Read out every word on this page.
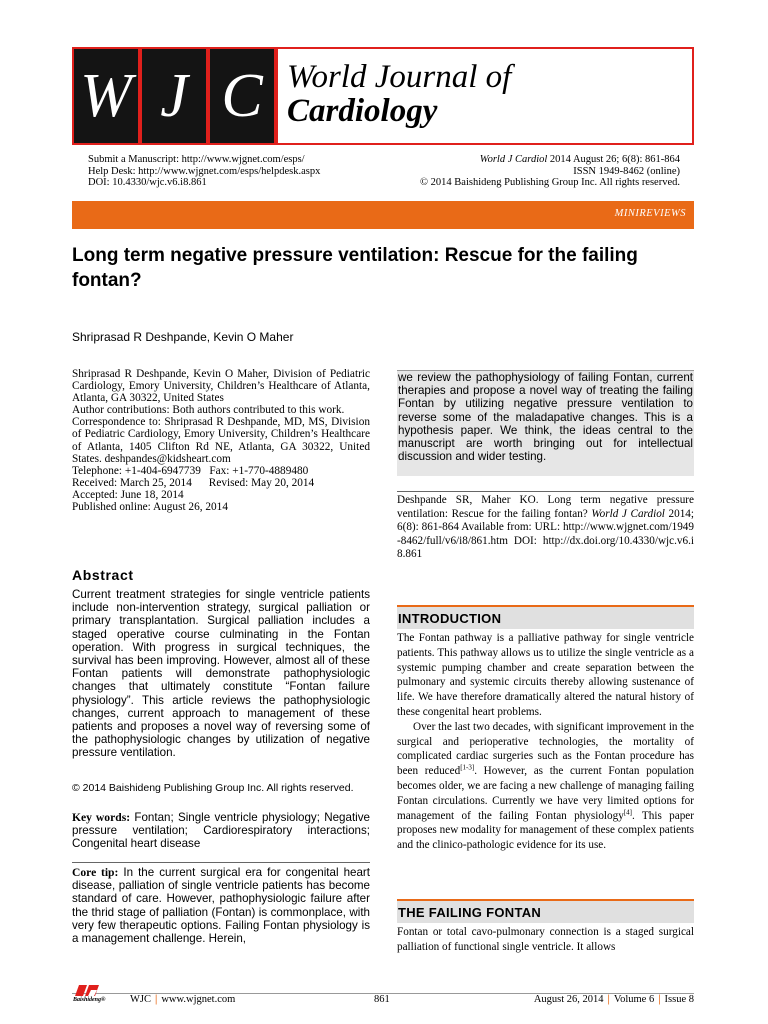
W J C World Journal of
Cardiology
Submit a Manuscript: http://www.wjgnet.com/esps/
Help Desk: http://www.wjgnet.com/esps/helpdesk.aspx
DOI: 10.4330/wjc.v6.i8.861
World J Cardiol 2014 August 26; 6(8): 861-864
ISSN 1949-8462 (online)
© 2014 Baishideng Publishing Group Inc. All rights reserved.
MINIREVIEWS
Long term negative pressure ventilation: Rescue for the failing fontan?
Shriprasad R Deshpande, Kevin O Maher

Shriprasad R Deshpande, Kevin O Maher, Division of Pediatric Cardiology, Emory University, Children’s Healthcare of Atlanta, Atlanta, GA 30322, United States

Author contributions: Both authors contributed to this work.

Correspondence to: Shriprasad R Deshpande, MD, MS, Division of Pediatric Cardiology, Emory University, Children’s Healthcare of Atlanta, 1405 Clifton Rd NE, Atlanta, GA 30322, United States. deshpandes@kidsheart.com

Telephone: +1-404-6947739   Fax: +1-770-4889480

Received: March 25, 2014      Revised: May 20, 2014

Accepted: June 18, 2014

Published online: August 26, 2014

Abstract
Current treatment strategies for single ventricle patients include non-intervention strategy, surgical palliation or primary transplantation. Surgical palliation includes a staged operative course culminating in the Fontan operation. With progress in surgical techniques, the survival has been improving. However, almost all of these Fontan patients will demonstrate pathophysiologic changes that ultimately constitute “Fontan failure physiology”. This article reviews the pathophysiologic changes, current approach to management of these patients and proposes a novel way of reversing some of the pathophysiologic changes by utilization of negative pressure ventilation.
© 2014 Baishideng Publishing Group Inc. All rights reserved.
Key words: Fontan; Single ventricle physiology; Negative pressure ventilation; Cardiorespiratory interactions; Congenital heart disease
Core tip: In the current surgical era for congenital heart disease, palliation of single ventricle patients has become standard of care. However, pathophysiologic failure after the thrid stage of palliation (Fontan) is commonplace, with very few therapeutic options. Failing Fontan physiology is a management challenge. Herein,
we review the pathophysiology of failing Fontan, current therapies and propose a novel way of treating the failing Fontan by utilizing negative pressure ventilation to reverse some of the maladapative changes. This is a hypothesis paper. We think, the ideas central to the manuscript are worth bringing out for intellectual discussion and wider testing.
Deshpande SR, Maher KO. Long term negative pressure ventilation: Rescue for the failing fontan? World J Cardiol 2014; 6(8): 861-864 Available from: URL: http://www.wjgnet.com/1949-8462/full/v6/i8/861.htm DOI: http://dx.doi.org/10.4330/wjc.v6.i8.861
INTRODUCTION

The Fontan pathway is a palliative pathway for single ventricle patients. This pathway allows us to utilize the single ventricle as a systemic pumping chamber and create separation between the pulmonary and systemic circuits thereby allowing sustenance of life. We have therefore dramatically altered the natural history of these congenital heart problems.

Over the last two decades, with significant improvement in the surgical and perioperative technologies, the mortality of complicated cardiac surgeries such as the Fontan procedure has been reduced[1-3]. However, as the current Fontan population becomes older, we are facing a new challenge of managing failing Fontan circulations. Currently we have very limited options for management of the failing Fontan physiology[4]. This paper proposes new modality for management of these complex patients and the clinico-pathologic evidence for its use.

THE FAILING FONTAN

Fontan or total cavo-pulmonary connection is a staged surgical palliation of functional single ventricle. It allows

Baishideng® WJC | www.wjgnet.com	861	August 26, 2014 | Volume 6 | Issue 8
